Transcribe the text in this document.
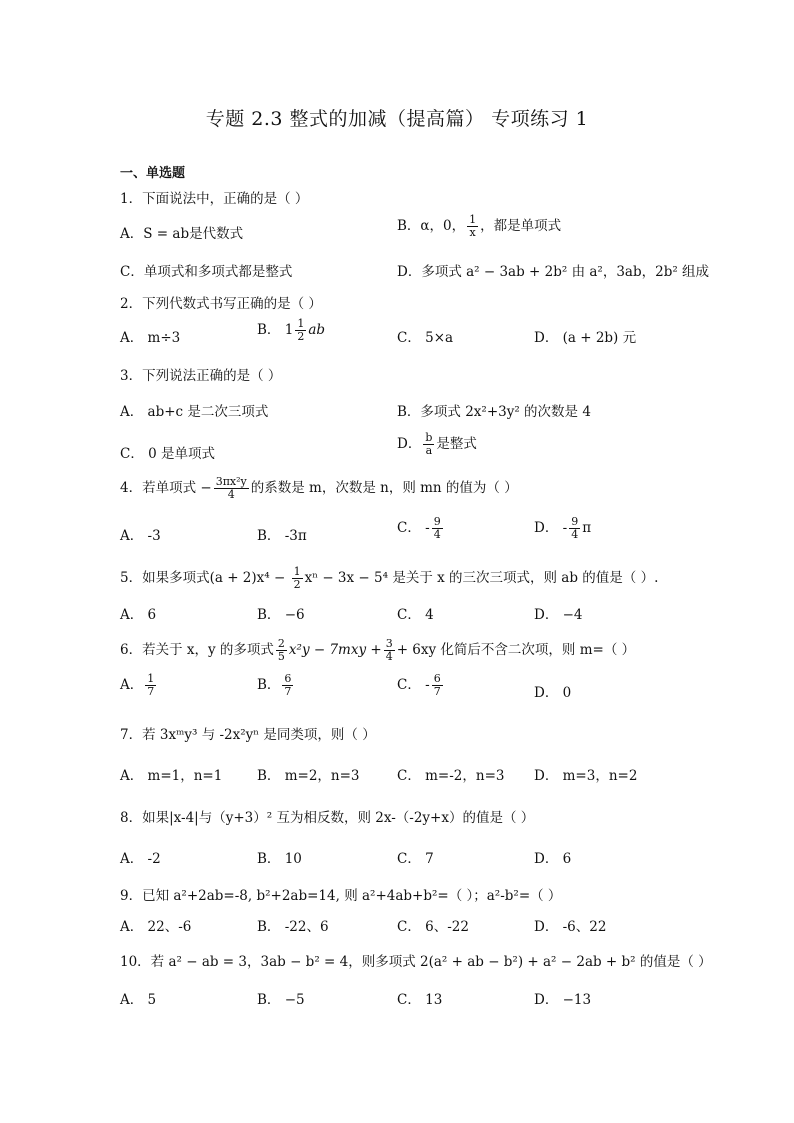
专题 2.3 整式的加减（提高篇） 专项练习 1
一、单选题
1．下面说法中，正确的是（ ）
A．S = ab是代数式	B．α，0， $\frac{1}{x}$ ，都是单项式
C．单项式和多项式都是整式	D．多项式 a² − 3ab + 2b² 由 a²，3ab，2b² 组成
2．下列代数式书写正确的是（ ）
A． m÷3	B． $1 \frac{1}{2}$ ab	C． 5×a	D． (a + 2b) 元
3．下列说法正确的是（ ）
A． ab+c 是二次三项式	B．多项式 2x²+3y² 的次数是 4
C． 0 是单项式
D． $\frac{b}{a}$ 是整式
4．若单项式 − $\frac{\text{3πx²y}}{4}$ 的系数是 m，次数是 n，则 mn 的值为（ ）
A． -3	B． -3π	C． - $\frac{9}{4}$	D． - $\frac{9}{4}$ π
5．如果多项式$(a + 2)x^4 - \frac{1}{2}$ xⁿ − 3x − 5⁴ 是关于 x 的三次三项式，则 ab 的值是（ ）.
A． 6	B． −6	C． 4	D． −4
6．若关于 x，y 的多项式 $\frac{2}{5} x^2y - 7mxy + \frac{3}{4} + 6xy$ 化简后不含二次项，则 m=（ ）
A． $\frac{1}{7}$	B． $\frac{6}{7}$	C． - $\frac{6}{7}$	D． 0
7．若 3xᵐy³ 与 -2x²yⁿ 是同类项，则（ ）
A． m=1，n=1	B． m=2，n=3	C． m=-2，n=3 D． m=3，n=2
8．如果|x-4|与（y+3）² 互为相反数，则 2x-（-2y+x）的值是（ ）
A． -2	B． 10	C． 7	D． 6
9．已知 a²+2ab=-8, b²+2ab=14, 则 a²+4ab+b²=（ ）；a²-b²=（ ）
A． 22、-6	B． -22、6	C． 6、-22	D． -6、22
10．若 a² − ab = 3，3ab − b² = 4，则多项式 2(a² + ab − b²) + a² − 2ab + b² 的值是（ ）
A． 5	B． −5	C． 13	D． −13
